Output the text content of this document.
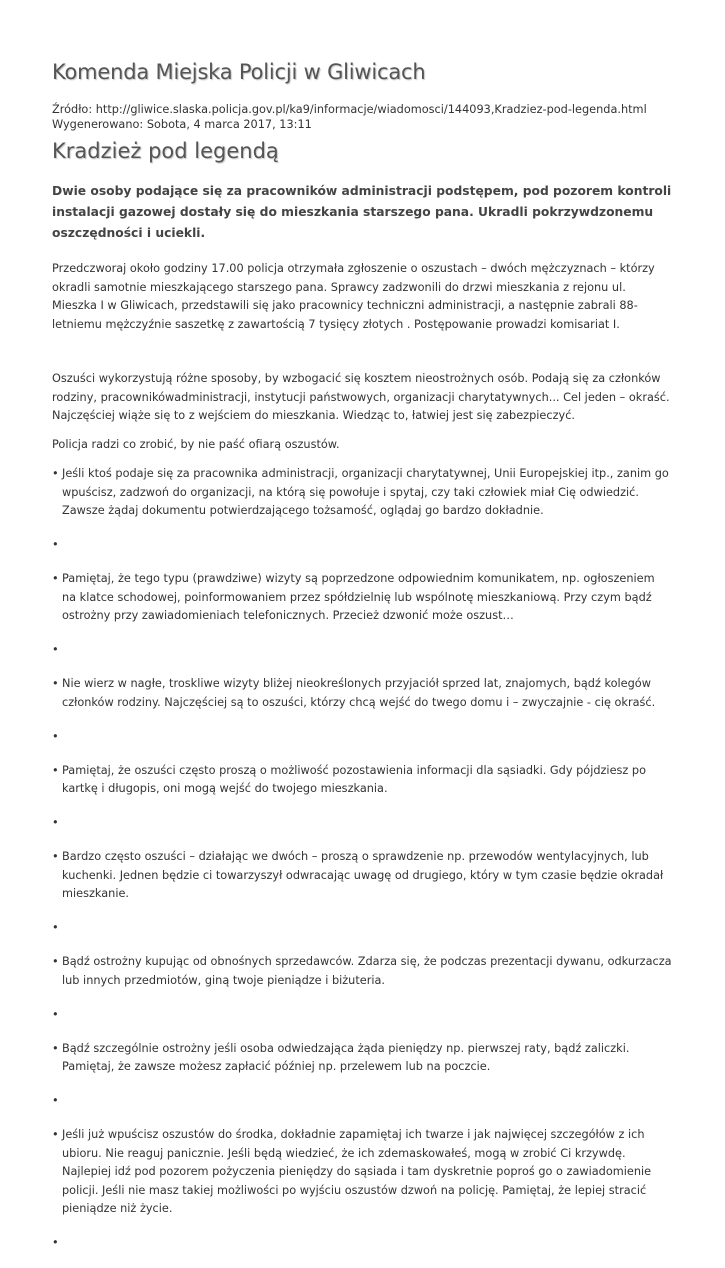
Komenda Miejska Policji w Gliwicach
Źródło: http://gliwice.slaska.policja.gov.pl/ka9/informacje/wiadomosci/144093,Kradziez-pod-legenda.html
Wygenerowano: Sobota, 4 marca 2017, 13:11
Kradzież pod legendą

Dwie osoby podające się za pracowników administracji podstępem, pod pozorem kontroli instalacji gazowej dostały się do mieszkania starszego pana. Ukradli pokrzywdzonemu oszczędności i uciekli.

Przedczworaj około godziny 17.00 policja otrzymała zgłoszenie o oszustach – dwóch mężczyznach – którzy okradli samotnie mieszkającego starszego pana. Sprawcy zadzwonili do drzwi mieszkania z rejonu ul. Mieszka I w Gliwicach, przedstawili się jako pracownicy techniczni administracji, a następnie zabrali 88-letniemu mężczyźnie saszetkę z zawartością 7 tysięcy złotych . Postępowanie prowadzi komisariat I.

Oszuści wykorzystują różne sposoby, by wzbogacić się kosztem nieostrożnych osób. Podają się za członków rodziny, pracownikówadministracji, instytucji państwowych, organizacji charytatywnych... Cel jeden – okraść. Najczęściej wiąże się to z wejściem do mieszkania. Wiedząc to, łatwiej jest się zabezpieczyć.

Policja radzi co zrobić, by nie paść ofiarą oszustów.

• Jeśli ktoś podaje się za pracownika administracji, organizacji charytatywnej, Unii Europejskiej itp., zanim go wpuścisz, zadzwoń do organizacji, na którą się powołuje i spytaj, czy taki człowiek miał Cię odwiedzić. Zawsze żądaj dokumentu potwierdzającego tożsamość, oglądaj go bardzo dokładnie.
•
• Pamiętaj, że tego typu (prawdziwe) wizyty są poprzedzone odpowiednim komunikatem, np. ogłoszeniem na klatce schodowej, poinformowaniem przez spółdzielnię lub wspólnotę mieszkaniową. Przy czym bądź ostrożny przy zawiadomieniach telefonicznych. Przecież dzwonić może oszust…
•
• Nie wierz w nagłe, troskliwe wizyty bliżej nieokreślonych przyjaciół sprzed lat, znajomych, bądź kolegów członków rodziny. Najczęściej są to oszuści, którzy chcą wejść do twego domu i – zwyczajnie - cię okraść.
•
• Pamiętaj, że oszuści często proszą o możliwość pozostawienia informacji dla sąsiadki. Gdy pójdziesz po kartkę i długopis, oni mogą wejść do twojego mieszkania.
•
• Bardzo często oszuści – działając we dwóch – proszą o sprawdzenie np. przewodów wentylacyjnych, lub kuchenki. Jednen będzie ci towarzyszył odwracając uwagę od drugiego, który w tym czasie będzie okradał mieszkanie.
•
• Bądź ostrożny kupując od obnośnych sprzedawców. Zdarza się, że podczas prezentacji dywanu, odkurzacza lub innych przedmiotów, giną twoje pieniądze i biżuteria.
•
• Bądź szczególnie ostrożny jeśli osoba odwiedzająca żąda pieniędzy np. pierwszej raty, bądź zaliczki. Pamiętaj, że zawsze możesz zapłacić później np. przelewem lub na poczcie.
•
• Jeśli już wpuścisz oszustów do środka, dokładnie zapamiętaj ich twarze i jak najwięcej szczegółów z ich ubioru. Nie reaguj panicznie. Jeśli będą wiedzieć, że ich zdemaskowałeś, mogą w zrobić Ci krzywdę. Najlepiej idź pod pozorem pożyczenia pieniędzy do sąsiada i tam dyskretnie poproś go o zawiadomienie policji. Jeśli nie masz takiej możliwości po wyjściu oszustów dzwoń na policję. Pamiętaj, że lepiej stracić pieniądze niż życie.
•
